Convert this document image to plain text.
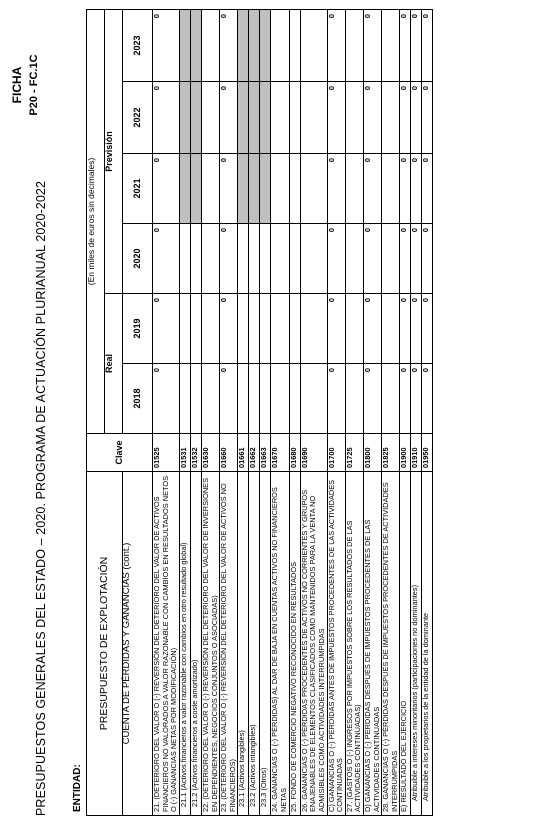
PRESUPUESTOS GENERALES DEL ESTADO – 2020. PROGRAMA DE ACTUACIÓN PLURIANUAL 2020-2022
FICHA P20 - FC.1C
ENTIDAD:
PRESUPUESTO DE EXPLOTACIÓN	Clave	(En miles de euros sin decimales)					
		Real		Previsión			
CUENTA DE PÉRDIDAS Y GANANCIAS (cont.)		2018	2019	2020	2021	2022	2023

21. (DETERIORO DEL VALOR O (-) REVERSIÓN DEL DETERIORO DEL VALOR DE ACTIVOS FINANCIEROS NO VALORADOS A VALOR RAZONABLE CON CAMBIOS EN RESULTADOS NETOS O (-) GANANCIAS NETAS POR MODIFICACIÓN)	01525	0	0	0	0	0	0
21.1 (Activos financieros a valor razonable con cambios en otro resultado global)	01531						
21.2 (Activos financieros a coste amortizado)	01532						
22. (DETERIORO DEL VALOR O (-) REVERSIÓN DEL DETERIORO DEL VALOR DE INVERSIONES EN DEPENDIENTES, NEGOCIOS CONJUNTOS O ASOCIADAS)	01630						
23. (DETERIORO DEL VALOR O (-) REVERSIÓN DEL DETERIORO DEL VALOR DE ACTIVOS NO FINANCIEROS)	01660	0	0	0	0	0	0
23.1 (Activos tangibles)	01661						
23.2 (Activos intangibles)	01662						
23.3 (Otros)	01663						
24. GANANCIAS O (-) PÉRDIDAS) AL DAR DE BAJA EN CUENTAS ACTIVOS NO FINANCIEROS NETAS	01670						
25. FONDO DE COMERCIO NEGATIVO RECONOCIDO EN RESULTADOS	01680						
26. GANANCIAS O (-) PÉRDIDAS PROCEDENTES DE ACTIVOS NO CORRIENTES Y GRUPOS ENAJENABLES DE ELEMENTOS CLASIFICADOS COMO MANTENIDOS PARA LA VENTA NO ADMISIBLES COMO ACTIVIDADES INTERRUMPIDAS	01690						
C) GANANCIAS O (-) PÉRDIDAS ANTES DE IMPUESTOS PROCEDENTES DE LAS ACTIVIDADES CONTINUADAS	01700	0	0	0	0	0	0
27. (GASTOS O (-) INGRESOS POR IMPUESTOS SOBRE LOS RESULTADOS DE LAS ACTIVIDADES CONTINUADAS)	01725						
D) GANANCIAS O (-) PÉRDIDAS DESPUÉS DE IMPUESTOS PROCEDENTES DE LAS ACTIVIDADES CONTINUADAS	01800	0	0	0	0	0	0
28. GANANCIAS O (-) PÉRDIDAS DESPUÉS DE IMPUESTOS PROCEDENTES DE ACTIVIDADES INTERRUMPIDAS	01825						
E) RESULTADO DEL EJERCICIO	01900	0	0	0	0	0	0
Atribuible a intereses minoritarios (participaciones no dominantes)	01910	0	0	0	0	0	0
Atribuible a los propietarios de la entidad de la dominante	01950	0	0	0	0	0	0
